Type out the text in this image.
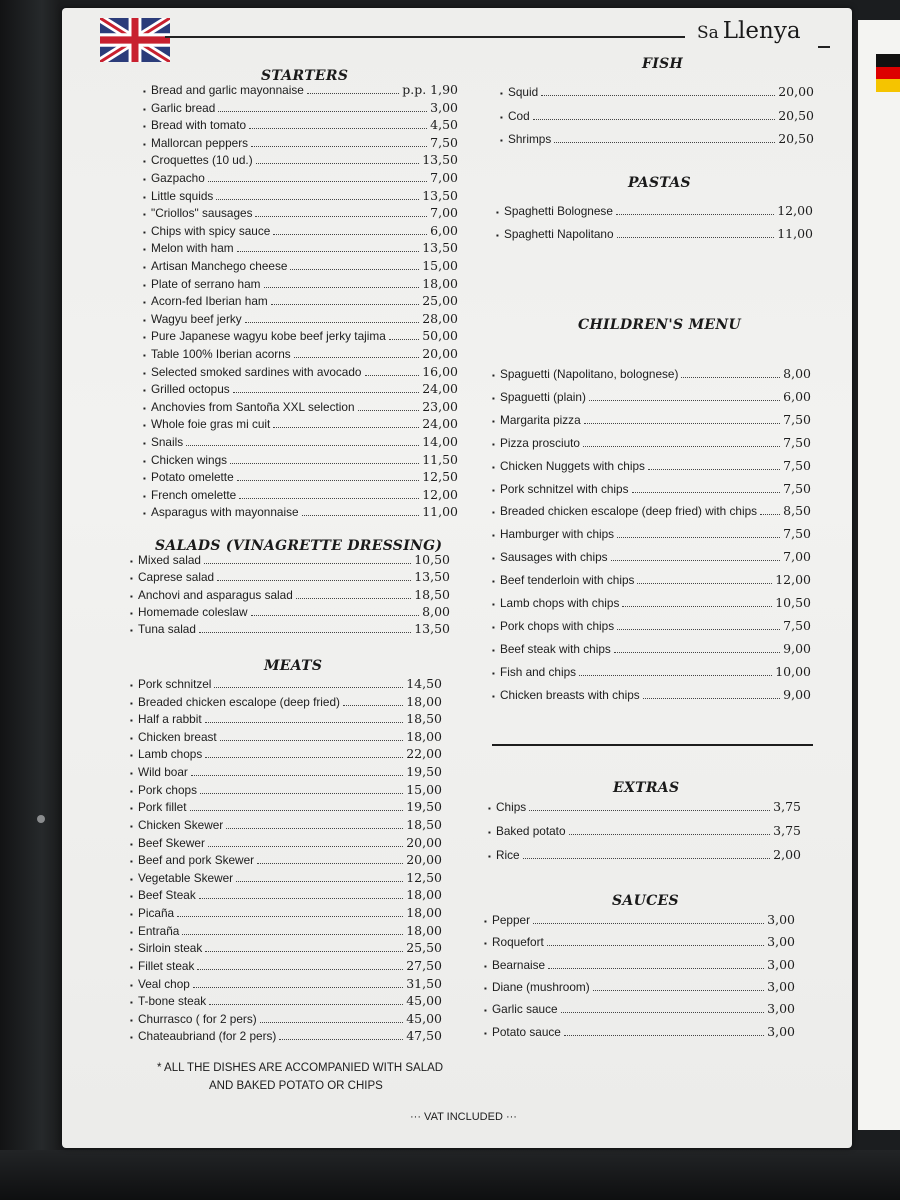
Sa Llenya
STARTERS
▪ Bread and garlic mayonnaise	p.p. 1,90
▪ Garlic bread	3,00
▪ Bread with tomato	4,50
▪ Mallorcan peppers	7,50
▪ Croquettes (10 ud.)	13,50
▪ Gazpacho	7,00
▪ Little squids	13,50
▪ "Criollos" sausages	7,00
▪ Chips with spicy sauce	6,00
▪ Melon with ham	13,50
▪ Artisan Manchego cheese	15,00
▪ Plate of serrano ham	18,00
▪ Acorn-fed Iberian ham	25,00
▪ Wagyu beef jerky	28,00
▪ Pure Japanese wagyu kobe beef jerky tajima	50,00
▪ Table 100% Iberian acorns	20,00
▪ Selected smoked sardines with avocado	16,00
▪ Grilled octopus	24,00
▪ Anchovies from Santoña XXL selection	23,00
▪ Whole foie gras mi cuit	24,00
▪ Snails	14,00
▪ Chicken wings	11,50
▪ Potato omelette	12,50
▪ French omelette	12,00
▪ Asparagus with mayonnaise	11,00
SALADS (VINAGRETTE DRESSING)
▪ Mixed salad	10,50
▪ Caprese salad	13,50
▪ Anchovi and asparagus salad	18,50
▪ Homemade coleslaw	8,00
▪ Tuna salad	13,50
MEATS
▪ Pork schnitzel	14,50
▪ Breaded chicken escalope (deep fried)	18,00
▪ Half a rabbit	18,50
▪ Chicken breast	18,00
▪ Lamb chops	22,00
▪ Wild boar	19,50
▪ Pork chops	15,00
▪ Pork fillet	19,50
▪ Chicken Skewer	18,50
▪ Beef Skewer	20,00
▪ Beef and pork Skewer	20,00
▪ Vegetable Skewer	12,50
▪ Beef Steak	18,00
▪ Picaña	18,00
▪ Entraña	18,00
▪ Sirloin steak	25,50
▪ Fillet steak	27,50
▪ Veal chop	31,50
▪ T-bone steak	45,00
▪ Churrasco ( for 2 pers)	45,00
▪ Chateaubriand (for 2 pers)	47,50
FISH
▪ Squid	20,00
▪ Cod	20,50
▪ Shrimps	20,50
PASTAS
▪ Spaghetti Bolognese	12,00
▪ Spaghetti Napolitano	11,00
CHILDREN'S MENU
▪ Spaguetti (Napolitano, bolognese)	8,00
▪ Spaguetti (plain)	6,00
▪ Margarita pizza	7,50
▪ Pizza prosciuto	7,50
▪ Chicken Nuggets with chips	7,50
▪ Pork schnitzel with chips	7,50
▪ Breaded chicken escalope (deep fried) with chips 8,50
▪ Hamburger with chips	7,50
▪ Sausages with chips	7,00
▪ Beef tenderloin with chips	12,00
▪ Lamb chops with chips	10,50
▪ Pork chops with chips	7,50
▪ Beef steak with chips	9,00
▪ Fish and chips	10,00
▪ Chicken breasts with chips	9,00
EXTRAS
▪ Chips	3,75
▪ Baked potato	3,75
▪ Rice	2,00
SAUCES
▪ Pepper	3,00
▪ Roquefort	3,00
▪ Bearnaise	3,00
▪ Diane (mushroom)	3,00
▪ Garlic sauce	3,00
▪ Potato sauce	3,00
* ALL THE DISHES ARE ACCOMPANIED WITH SALAD
AND BAKED POTATO OR CHIPS
··· VAT INCLUDED ···
